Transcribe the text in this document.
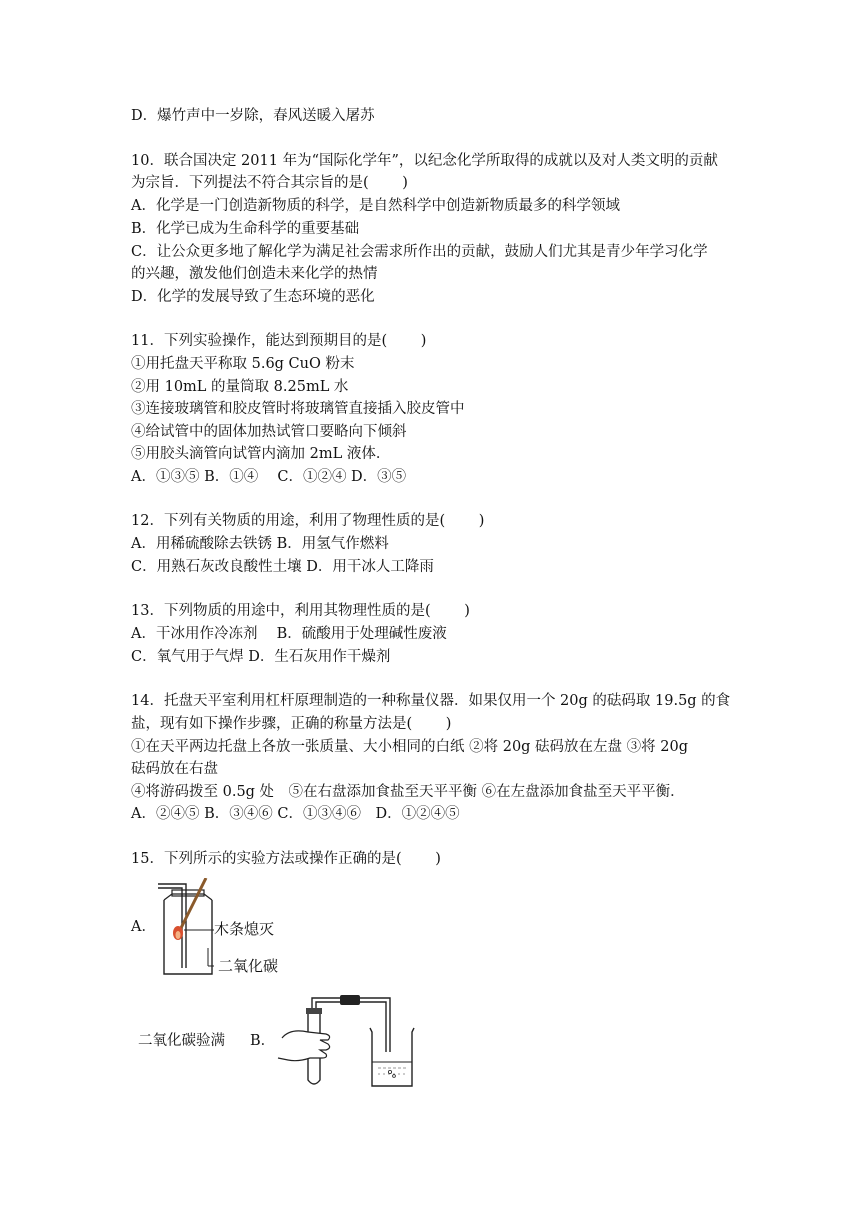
D．爆竹声中一岁除，春风送暖入屠苏
10．联合国决定 2011 年为“国际化学年”，以纪念化学所取得的成就以及对人类文明的贡献
为宗旨．下列提法不符合其宗旨的是(　　 )
A．化学是一门创造新物质的科学，是自然科学中创造新物质最多的科学领域
B．化学已成为生命科学的重要基础
C．让公众更多地了解化学为满足社会需求所作出的贡献，鼓励人们尤其是青少年学习化学
的兴趣，激发他们创造未来化学的热情
D．化学的发展导致了生态环境的恶化
11．下列实验操作，能达到预期目的是(　　 )
①用托盘天平称取 5.6g CuO 粉末
②用 10mL 的量筒取 8.25mL 水
③连接玻璃管和胶皮管时将玻璃管直接插入胶皮管中
④给试管中的固体加热试管口要略向下倾斜
⑤用胶头滴管向试管内滴加 2mL 液体．
A．①③⑤ B．①④　 C．①②④ D．③⑤
12．下列有关物质的用途，利用了物理性质的是(　　 )
A．用稀硫酸除去铁锈 B．用氢气作燃料
C．用熟石灰改良酸性土壤 D．用干冰人工降雨
13．下列物质的用途中，利用其物理性质的是(　　 )
A．干冰用作冷冻剂　 B．硫酸用于处理碱性废液
C．氧气用于气焊 D．生石灰用作干燥剂
14．托盘天平室利用杠杆原理制造的一种称量仪器．如果仅用一个 20g 的砝码取 19.5g 的食
盐，现有如下操作步骤，正确的称量方法是(　　 )
①在天平两边托盘上各放一张质量、大小相同的白纸 ②将 20g 砝码放在左盘 ③将 20g
砝码放在右盘
④将游码拨至 0.5g 处　⑤在右盘添加食盐至天平平衡 ⑥在左盘添加食盐至天平平衡．
A．②④⑤ B．③④⑥ C．①③④⑥　D．①②④⑤
15．下列所示的实验方法或操作正确的是(　　 )
A．	木条熄灭
二氧化碳
二氧化碳验满 B．
